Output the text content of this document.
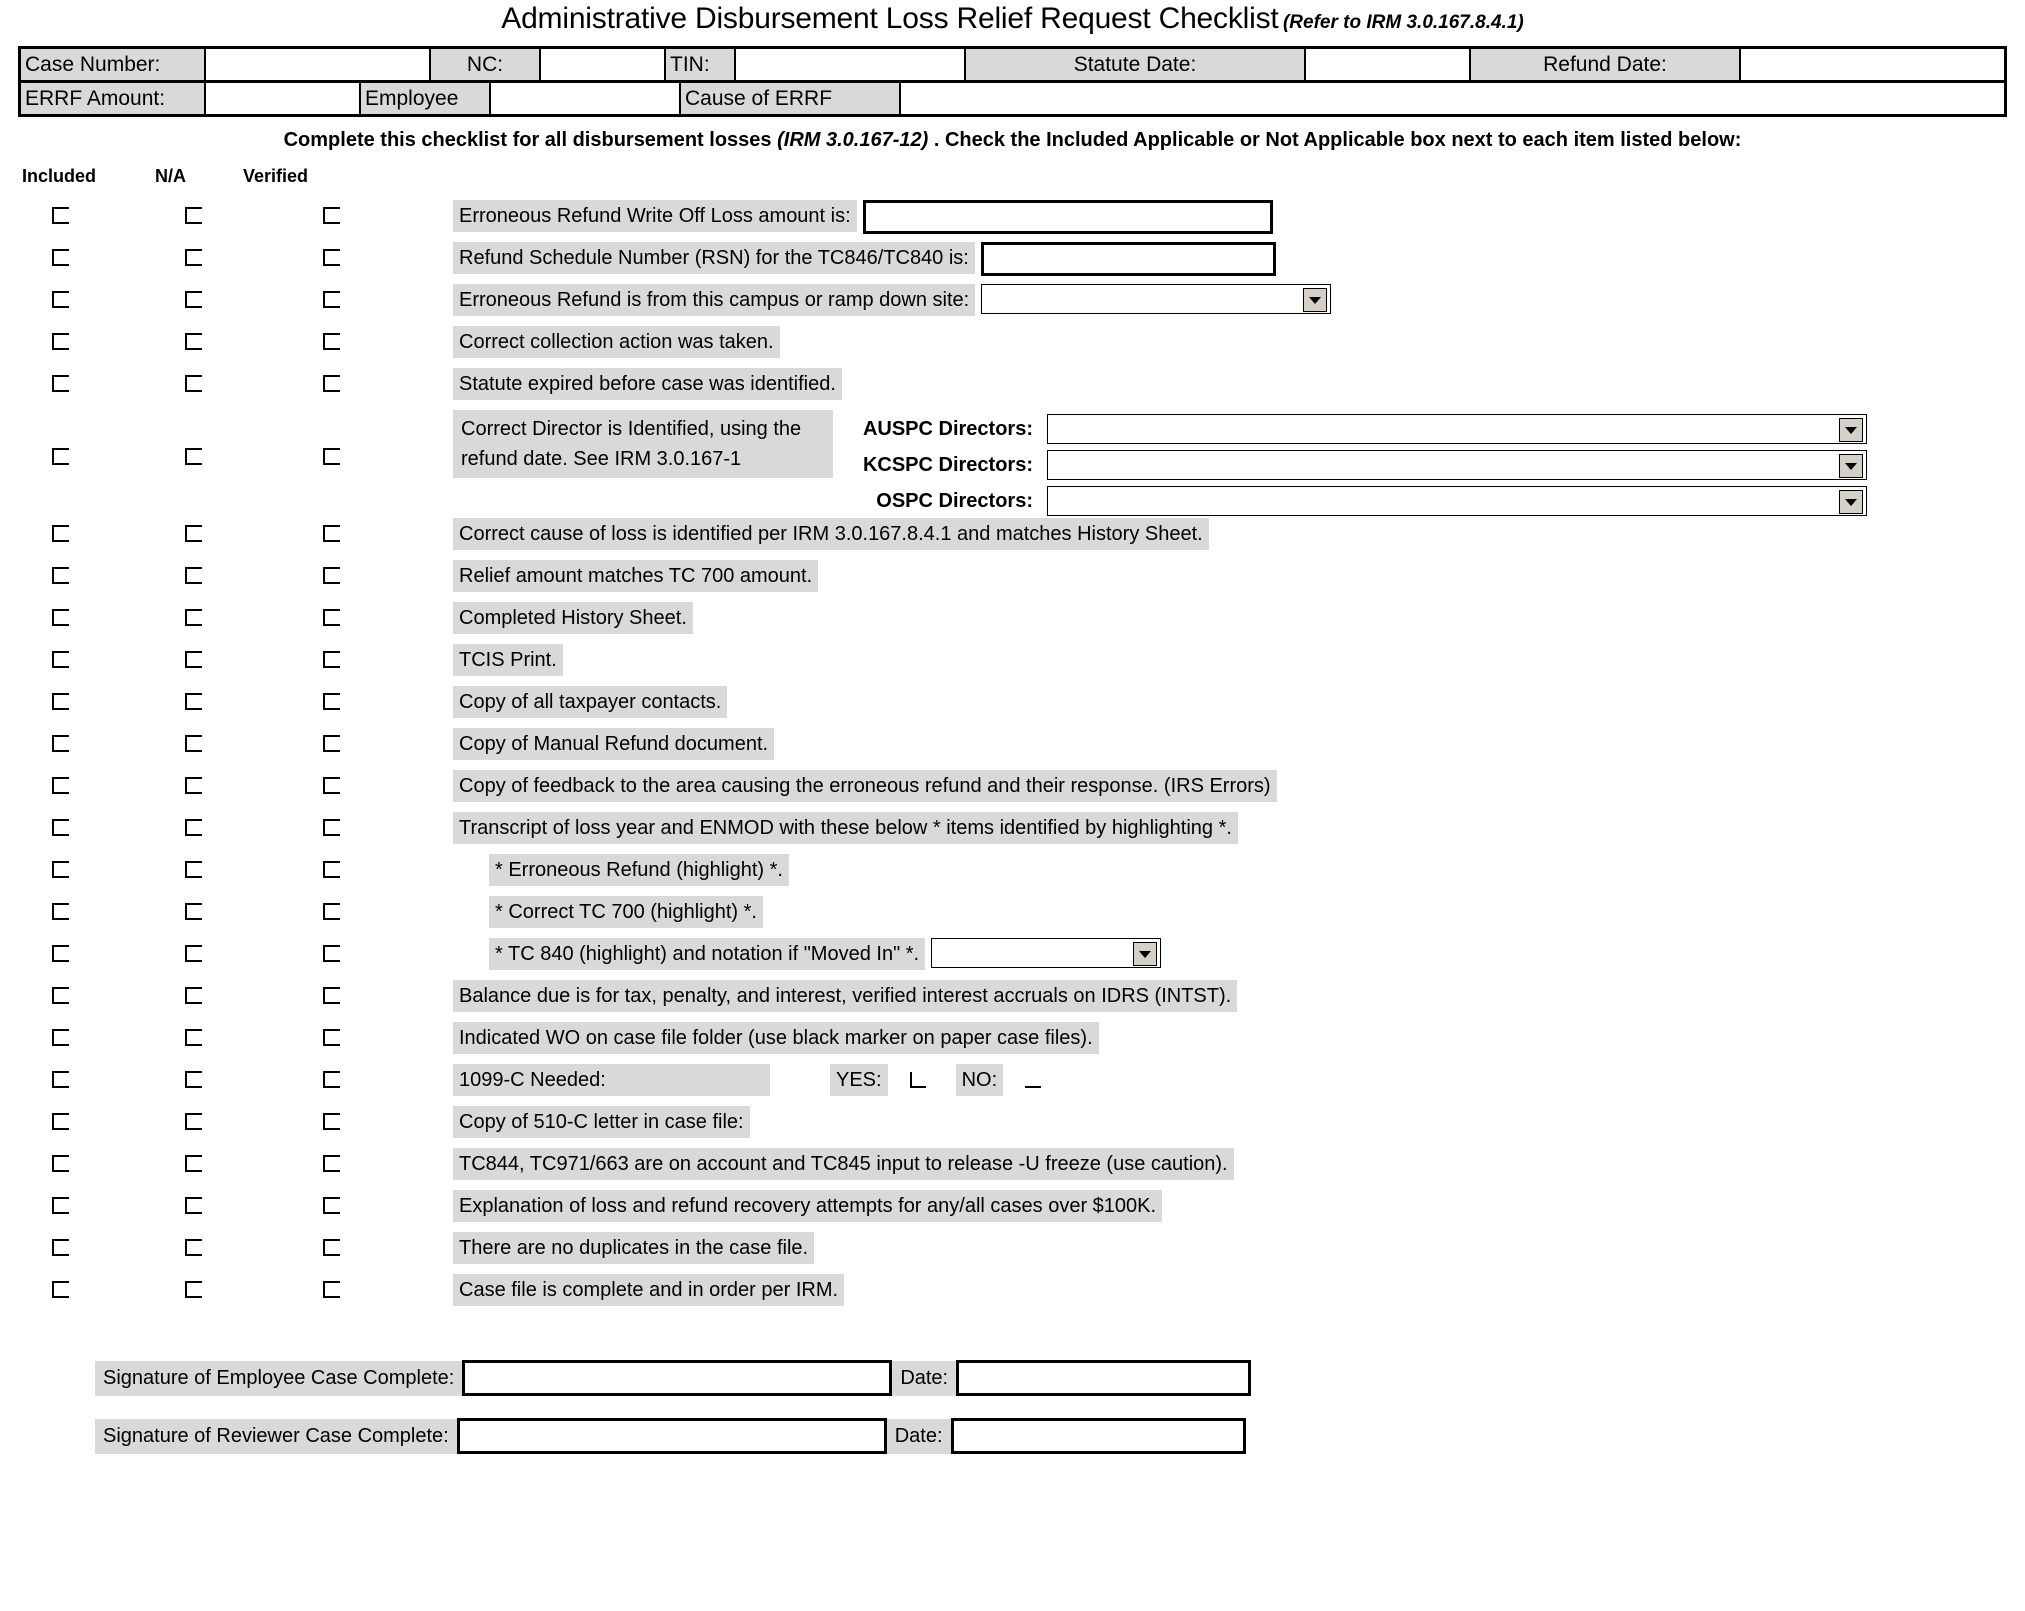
Administrative Disbursement Loss Relief Request Checklist (Refer to IRM 3.0.167.8.4.1)
Case Number:	NC:	TIN:	Statute Date:	Refund Date:
ERRF Amount:	Employee	Cause of ERRF
Complete this checklist for all disbursement losses (IRM 3.0.167-12) . Check the Included Applicable or Not Applicable box next to each item listed below:
Included	N/A	Verified
Erroneous Refund Write Off Loss amount is:
Refund Schedule Number (RSN) for the TC846/TC840 is:
Erroneous Refund is from this campus or ramp down site:
Correct collection action was taken.
Statute expired before case was identified.
Correct Director is Identified, using the refund date. See IRM 3.0.167-1
AUSPC Directors:
KCSPC Directors:
OSPC Directors:
Correct cause of loss is identified per IRM 3.0.167.8.4.1 and matches History Sheet.
Relief amount matches TC 700 amount.
Completed History Sheet.
TCIS Print.
Copy of all taxpayer contacts.
Copy of Manual Refund document.
Copy of feedback to the area causing the erroneous refund and their response. (IRS Errors)
Transcript of loss year and ENMOD with these below * items identified by highlighting *.
* Erroneous Refund (highlight) *.
* Correct TC 700 (highlight) *.
* TC 840 (highlight) and notation if "Moved In" *.
Balance due is for tax, penalty, and interest, verified interest accruals on IDRS (INTST).
Indicated WO on case file folder (use black marker on paper case files).
1099-C Needed:	YES:	NO:
Copy of 510-C letter in case file:
TC844, TC971/663 are on account and TC845 input to release -U freeze (use caution).
Explanation of loss and refund recovery attempts for any/all cases over $100K.
There are no duplicates in the case file.
Case file is complete and in order per IRM.
Signature of Employee Case Complete:	Date:
Signature of Reviewer Case Complete:	Date:
